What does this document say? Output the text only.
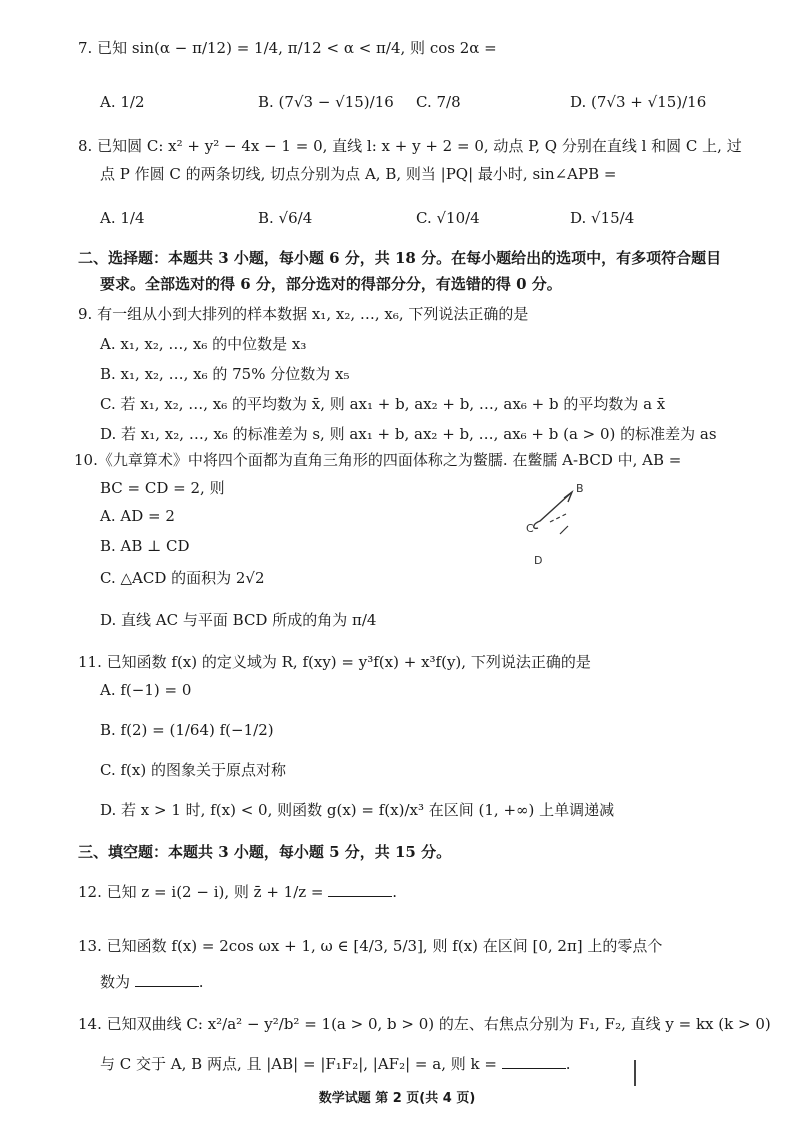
7. 已知 sin(α − π/12) = 1/4, π/12 < α < π/4, 则 cos 2α =
A. 1/2	B. (7√3 − √15)/16 C. 7/8	D. (7√3 + √15)/16
8. 已知圆 C: x² + y² − 4x − 1 = 0, 直线 l: x + y + 2 = 0, 动点 P, Q 分别在直线 l 和圆 C 上, 过
点 P 作圆 C 的两条切线, 切点分别为点 A, B, 则当 |PQ| 最小时, sin∠APB =
A. 1/4	B. √6/4	C. √10/4	D. √15/4
二、选择题：本题共 3 小题，每小题 6 分，共 18 分。在每小题给出的选项中，有多项符合题目
要求。全部选对的得 6 分，部分选对的得部分分，有选错的得 0 分。
9. 有一组从小到大排列的样本数据 x₁, x₂, …, x₆, 下列说法正确的是
A. x₁, x₂, …, x₆ 的中位数是 x₃
B. x₁, x₂, …, x₆ 的 75% 分位数为 x₅
C. 若 x₁, x₂, …, x₆ 的平均数为 x̄, 则 ax₁ + b, ax₂ + b, …, ax₆ + b 的平均数为 a x̄
D. 若 x₁, x₂, …, x₆ 的标准差为 s, 则 ax₁ + b, ax₂ + b, …, ax₆ + b (a > 0) 的标准差为 as
10.《九章算术》中将四个面都为直角三角形的四面体称之为鳖臑. 在鳖臑 A-BCD 中, AB =
BC = CD = 2, 则
A. AD = 2
B. AB ⊥ CD
C. △ACD 的面积为 2√2
D. 直线 AC 与平面 BCD 所成的角为 π/4
B
C
D
11. 已知函数 f(x) 的定义域为 R, f(xy) = y³f(x) + x³f(y), 下列说法正确的是
A. f(−1) = 0
B. f(2) = (1/64) f(−1/2)
C. f(x) 的图象关于原点对称
D. 若 x > 1 时, f(x) < 0, 则函数 g(x) = f(x)/x³ 在区间 (1, +∞) 上单调递减
三、填空题：本题共 3 小题，每小题 5 分，共 15 分。
12. 已知 z = i(2 − i), 则 z̄ + 1/z =	.
13. 已知函数 f(x) = 2cos ωx + 1, ω ∈ [4/3, 5/3], 则 f(x) 在区间 [0, 2π] 上的零点个
数为	.
14. 已知双曲线 C: x²/a² − y²/b² = 1(a > 0, b > 0) 的左、右焦点分别为 F₁, F₂, 直线 y = kx (k > 0)
与 C 交于 A, B 两点, 且 |AB| = |F₁F₂|, |AF₂| = a, 则 k =	.
数学试题 第 2 页(共 4 页)
